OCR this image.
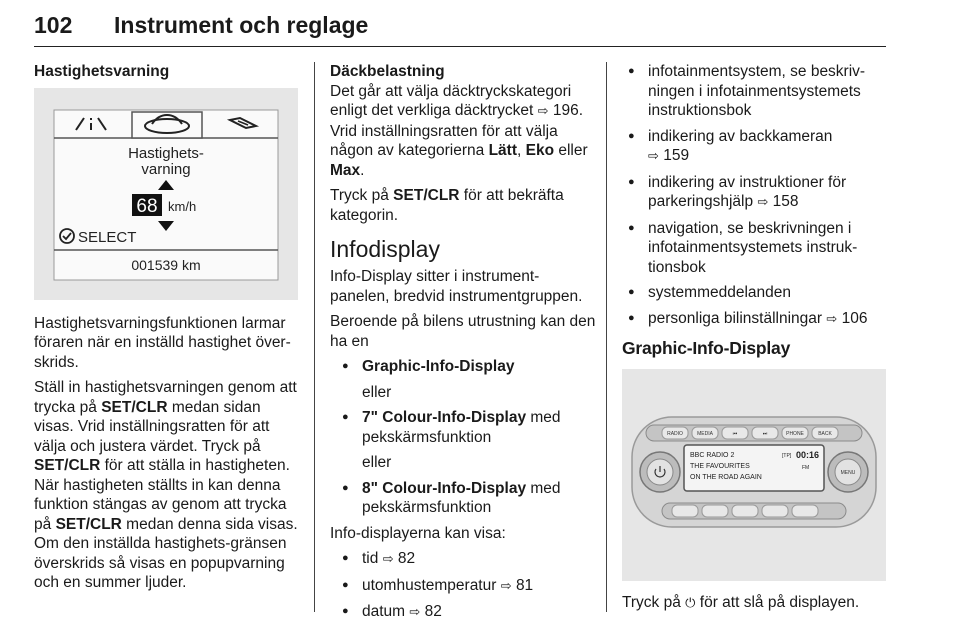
102 Instrument och reglage
Hastighetsvarning
Hastighets-
varning
68 km/h
SELECT
001539 km

Hastighetsvarningsfunktionen larmar föraren när en inställd hastighet över-skrids.

Ställ in hastighetsvarningen genom att trycka på SET/CLR medan sidan visas. Vrid inställningsratten för att välja och justera värdet. Tryck på SET/CLR för att ställa in hastigheten. När hastigheten ställts in kan denna funktion stängas av genom att trycka på SET/CLR medan denna sida visas. Om den inställda hastighets-gränsen överskrids så visas en popupvarning och en summer ljuder.

Däckbelastning

Det går att välja däcktryckskategori enligt det verkliga däcktrycket ⇨ 196. Vrid inställningsratten för att välja någon av kategorierna Lätt, Eko eller Max.

Tryck på SET/CLR för att bekräfta kategorin.

Infodisplay

Info-Display sitter i instrument-panelen, bredvid instrumentgruppen.

Beroende på bilens utrustning kan den ha en

● Graphic-Info-Display
eller
● 7" Colour-Info-Display med pekskärmsfunktion
eller
● 8" Colour-Info-Display med pekskärmsfunktion

Info-displayerna kan visa:

● tid ⇨ 82
● utomhustemperatur ⇨ 81
● datum ⇨ 82
● infotainmentsystem, se beskriv-ningen i infotainmentsystemets instruktionsbok
● indikering av backkameran
⇨ 159
● indikering av instruktioner för parkeringshjälp ⇨ 158
● navigation, se beskrivningen i infotainmentsystemets instruk-tionsbok
● systemmeddelanden
● personliga bilinställningar ⇨ 106
Graphic-Info-Display
RADIO	MEDIA	⏮	⏭	PHONE	BACK
BBC RADIO 2
THE FAVOURITES
ON THE ROAD AGAIN
[TP] 00:16
FM
MENU

Tryck på ⏻ för att slå på displayen.
